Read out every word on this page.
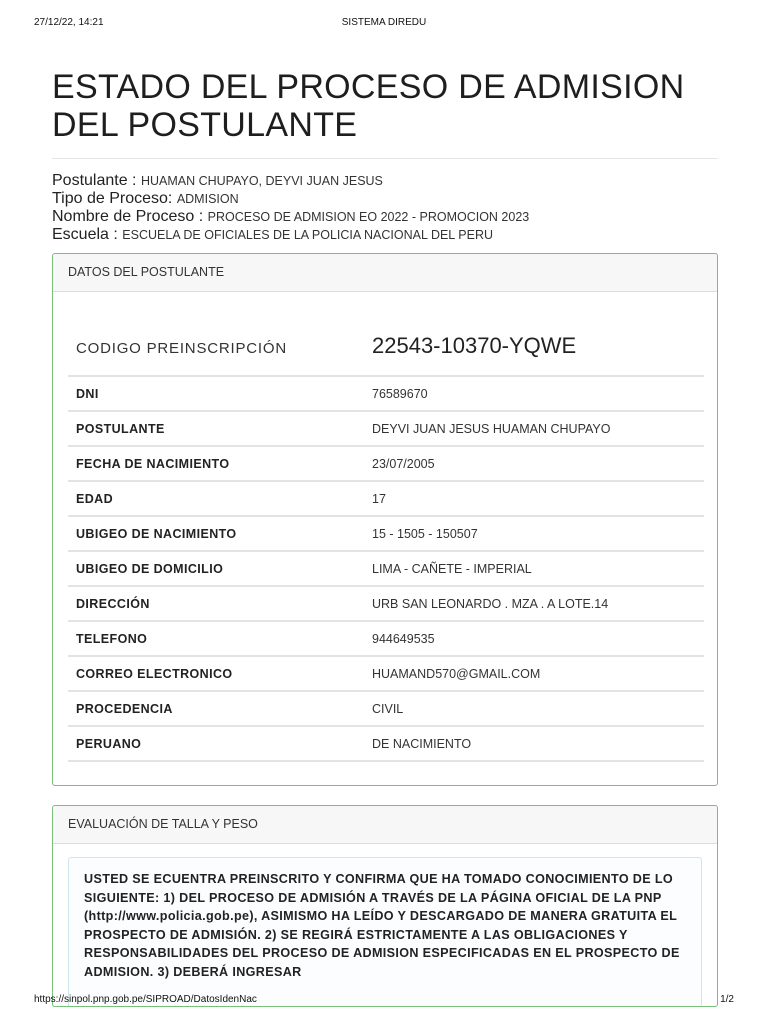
27/12/22, 14:21	SISTEMA DIREDU
ESTADO DEL PROCESO DE ADMISION
DEL POSTULANTE
Postulante : HUAMAN CHUPAYO, DEYVI JUAN JESUS
Tipo de Proceso: ADMISION
Nombre de Proceso : PROCESO DE ADMISION EO 2022 - PROMOCION 2023
Escuela : ESCUELA DE OFICIALES DE LA POLICIA NACIONAL DEL PERU
DATOS DEL POSTULANTE
CODIGO PREINSCRIPCIÓN	22543-10370-YQWE
DNI	76589670
POSTULANTE	DEYVI JUAN JESUS HUAMAN CHUPAYO
FECHA DE NACIMIENTO	23/07/2005
EDAD	17
UBIGEO DE NACIMIENTO	15 - 1505 - 150507
UBIGEO DE DOMICILIO	LIMA - CAÑETE - IMPERIAL
DIRECCIÓN	URB SAN LEONARDO . MZA . A LOTE.14
TELEFONO	944649535
CORREO ELECTRONICO	HUAMAND570@GMAIL.COM
PROCEDENCIA	CIVIL
PERUANO	DE NACIMIENTO
EVALUACIÓN DE TALLA Y PESO
USTED SE ECUENTRA PREINSCRITO Y CONFIRMA QUE HA TOMADO CONOCIMIENTO DE LO SIGUIENTE: 1) DEL PROCESO DE ADMISIÓN A TRAVÉS DE LA PÁGINA OFICIAL DE LA PNP (http://www.policia.gob.pe), ASIMISMO HA LEÍDO Y DESCARGADO DE MANERA GRATUITA EL PROSPECTO DE ADMISIÓN. 2) SE REGIRÁ ESTRICTAMENTE A LAS OBLIGACIONES Y RESPONSABILIDADES DEL PROCESO DE ADMISION ESPECIFICADAS EN EL PROSPECTO DE ADMISION. 3) DEBERÁ INGRESAR
https://sinpol.pnp.gob.pe/SIPROAD/DatosIdenNac	1/2
